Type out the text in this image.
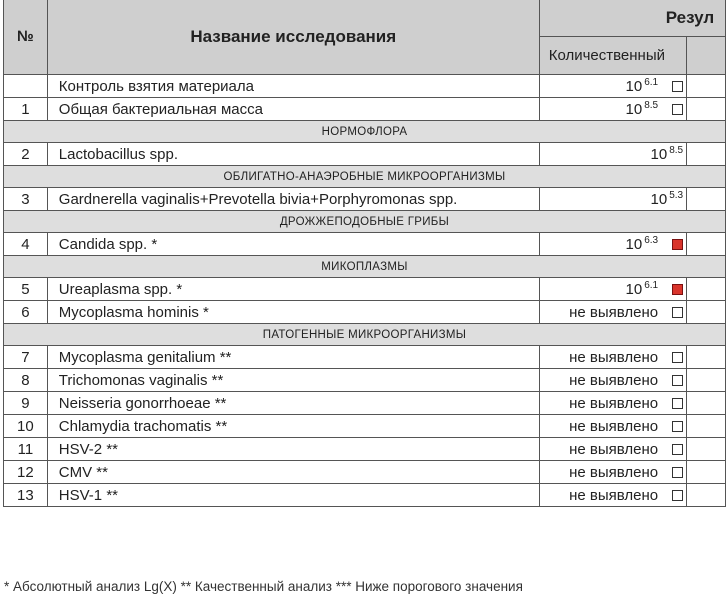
№	Название исследования	Резул	
		Количественный	
	Контроль взятия материала	10 $^{6.1}$	
1	Общая бактериальная масса	10 $^{8.5}$	
НОРМОФЛОРА			
2	Lactobacillus spp.	10 $^{8.5}$	
ОБЛИГАТНО-АНАЭРОБНЫЕ МИКРООРГАНИЗМЫ			
3	Gardnerella vaginalis+Prevotella bivia+Porphyromonas spp.	10 $^{5.3}$	
ДРОЖЖЕПОДОБНЫЕ ГРИБЫ			
4	Candida spp. *	10 $^{6.3}$	
МИКОПЛАЗМЫ			
5	Ureaplasma spp. *	10 $^{6.1}$	
6	Mycoplasma hominis *	не выявлено	
ПАТОГЕННЫЕ МИКРООРГАНИЗМЫ			
7	Mycoplasma genitalium **	не выявлено	
8	Trichomonas vaginalis **	не выявлено	
9	Neisseria gonorrhoeae **	не выявлено	
10	Chlamydia trachomatis **	не выявлено	
11	HSV-2 **	не выявлено	
12	CMV **	не выявлено	
13	HSV-1 **	не выявлено	
* Абсолютный анализ Lg(X) ** Качественный анализ *** Ниже порогового значения
